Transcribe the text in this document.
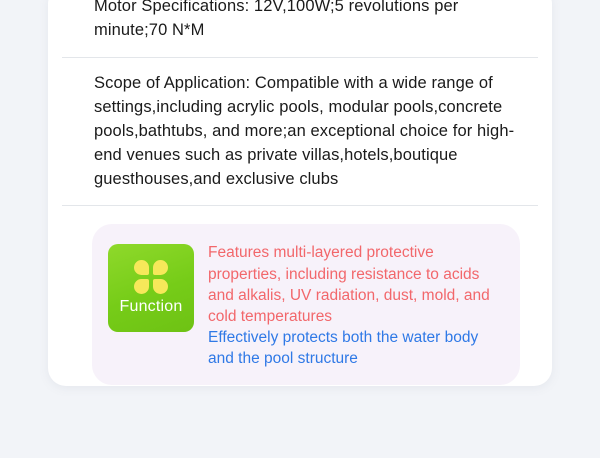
Motor Specifications: 12V,100W;5 revolutions per minute;70 N*M
Scope of Application: Compatible with a wide range of settings,including acrylic pools, modular pools,concrete pools,bathtubs, and more;an exceptional choice for high-end venues such as private villas,hotels,boutique guesthouses,and exclusive clubs
Function

Features multi-layered protective properties, including resistance to acids and alkalis, UV radiation, dust, mold, and cold temperatures

Effectively protects both the water body and the pool structure
